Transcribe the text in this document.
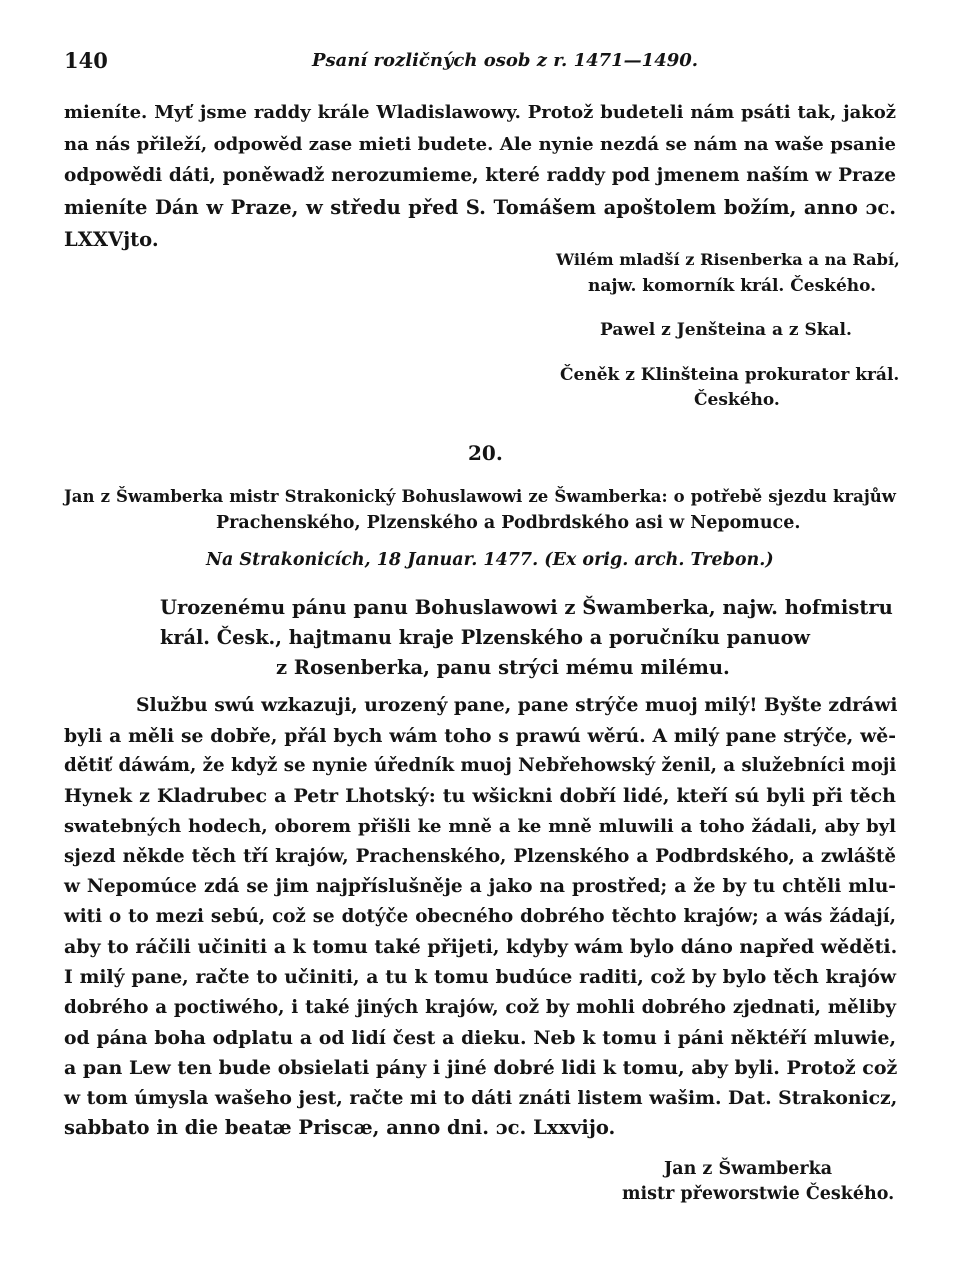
140	Psaní rozličných osob z r. 1471—1490.
mieníte. Myť jsme raddy krále Wladislawowy. Protož budeteli nám psáti tak, jakož
na nás přileží, odpowěd zase mieti budete. Ale nynie nezdá se nám na waše psanie
odpowědi dáti, poněwadž nerozumieme, které raddy pod jmenem naším w Praze
mieníte Dán w Praze, w středu před S. Tomášem apoštolem božím, anno ɔc.
LXXVjto.
Wilém mladší z Risenberka a na Rabí,
najw. komorník král. Českého.
Pawel z Jenšteina a z Skal.
Čeněk z Klinšteina prokurator král.
Českého.
20.
Jan z Šwamberka mistr Strakonický Bohuslawowi ze Šwamberka: o potřebě sjezdu krajůw
Prachenského, Plzenského a Podbrdského asi w Nepomuce.
Na Strakonicích, 18 Januar. 1477. (Ex orig. arch. Trebon.)
Urozenému pánu panu Bohuslawowi z Šwamberka, najw. hofmistru
král. Česk., hajtmanu kraje Plzenského a poručníku panuow
z Rosenberka, panu strýci mému milému.
Službu swú wzkazuji, urozený pane, pane strýče muoj milý! Byšte zdráwi
byli a měli se dobře, přál bych wám toho s prawú wěrú. A milý pane strýče, wě-
dětiť dáwám, že když se nynie úředník muoj Nebřehowský ženil, a služebníci moji
Hynek z Kladrubec a Petr Lhotský: tu wšickni dobří lidé, kteří sú byli při těch
swatebných hodech, oborem přišli ke mně a ke mně mluwili a toho žádali, aby byl
sjezd někde těch tří krajów, Prachenského, Plzenského a Podbrdského, a zwláště
w Nepomúce zdá se jim najpříslušněje a jako na prostřed; a že by tu chtěli mlu-
witi o to mezi sebú, což se dotýče obecného dobrého těchto krajów; a wás žádají,
aby to ráčili učiniti a k tomu také přijeti, kdyby wám bylo dáno napřed wěděti.
I milý pane, račte to učiniti, a tu k tomu budúce raditi, což by bylo těch krajów
dobrého a poctiwého, i také jiných krajów, což by mohli dobrého zjednati, měliby
od pána boha odplatu a od lidí čest a dieku. Neb k tomu i páni něktéří mluwie,
a pan Lew ten bude obsielati pány i jiné dobré lidi k tomu, aby byli. Protož což
w tom úmysla wašeho jest, račte mi to dáti znáti listem wašim. Dat. Strakonicz,
sabbato in die beatæ Priscæ, anno dni. ɔc. Lxxvijo.
Jan z Šwamberka
mistr přeworstwie Českého.
